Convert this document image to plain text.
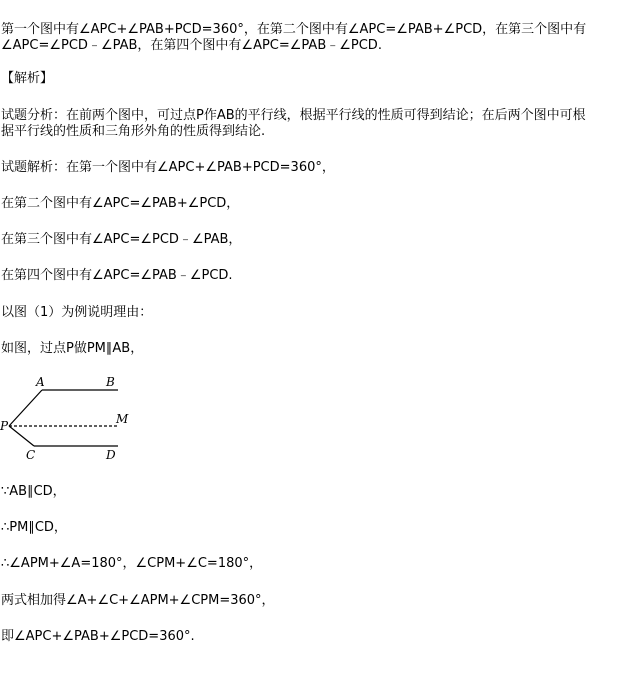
第一个图中有∠APC+∠PAB+PCD=360°，在第二个图中有∠APC=∠PAB+∠PCD，在第三个图中有
∠APC=∠PCD﹣∠PAB，在第四个图中有∠APC=∠PAB﹣∠PCD.
【解析】
试题分析：在前两个图中，可过点P作AB的平行线，根据平行线的性质可得到结论；在后两个图中可根
据平行线的性质和三角形外角的性质得到结论.
试题解析：在第一个图中有∠APC+∠PAB+PCD=360°，
在第二个图中有∠APC=∠PAB+∠PCD，
在第三个图中有∠APC=∠PCD﹣∠PAB，
在第四个图中有∠APC=∠PAB﹣∠PCD.
以图（1）为例说明理由：
如图，过点P做PM∥AB，
A	B
P	M
C	D
∵AB∥CD，
∴PM∥CD，
∴∠APM+∠A=180°，∠CPM+∠C=180°，
两式相加得∠A+∠C+∠APM+∠CPM=360°，
即∠APC+∠PAB+∠PCD=360°.
